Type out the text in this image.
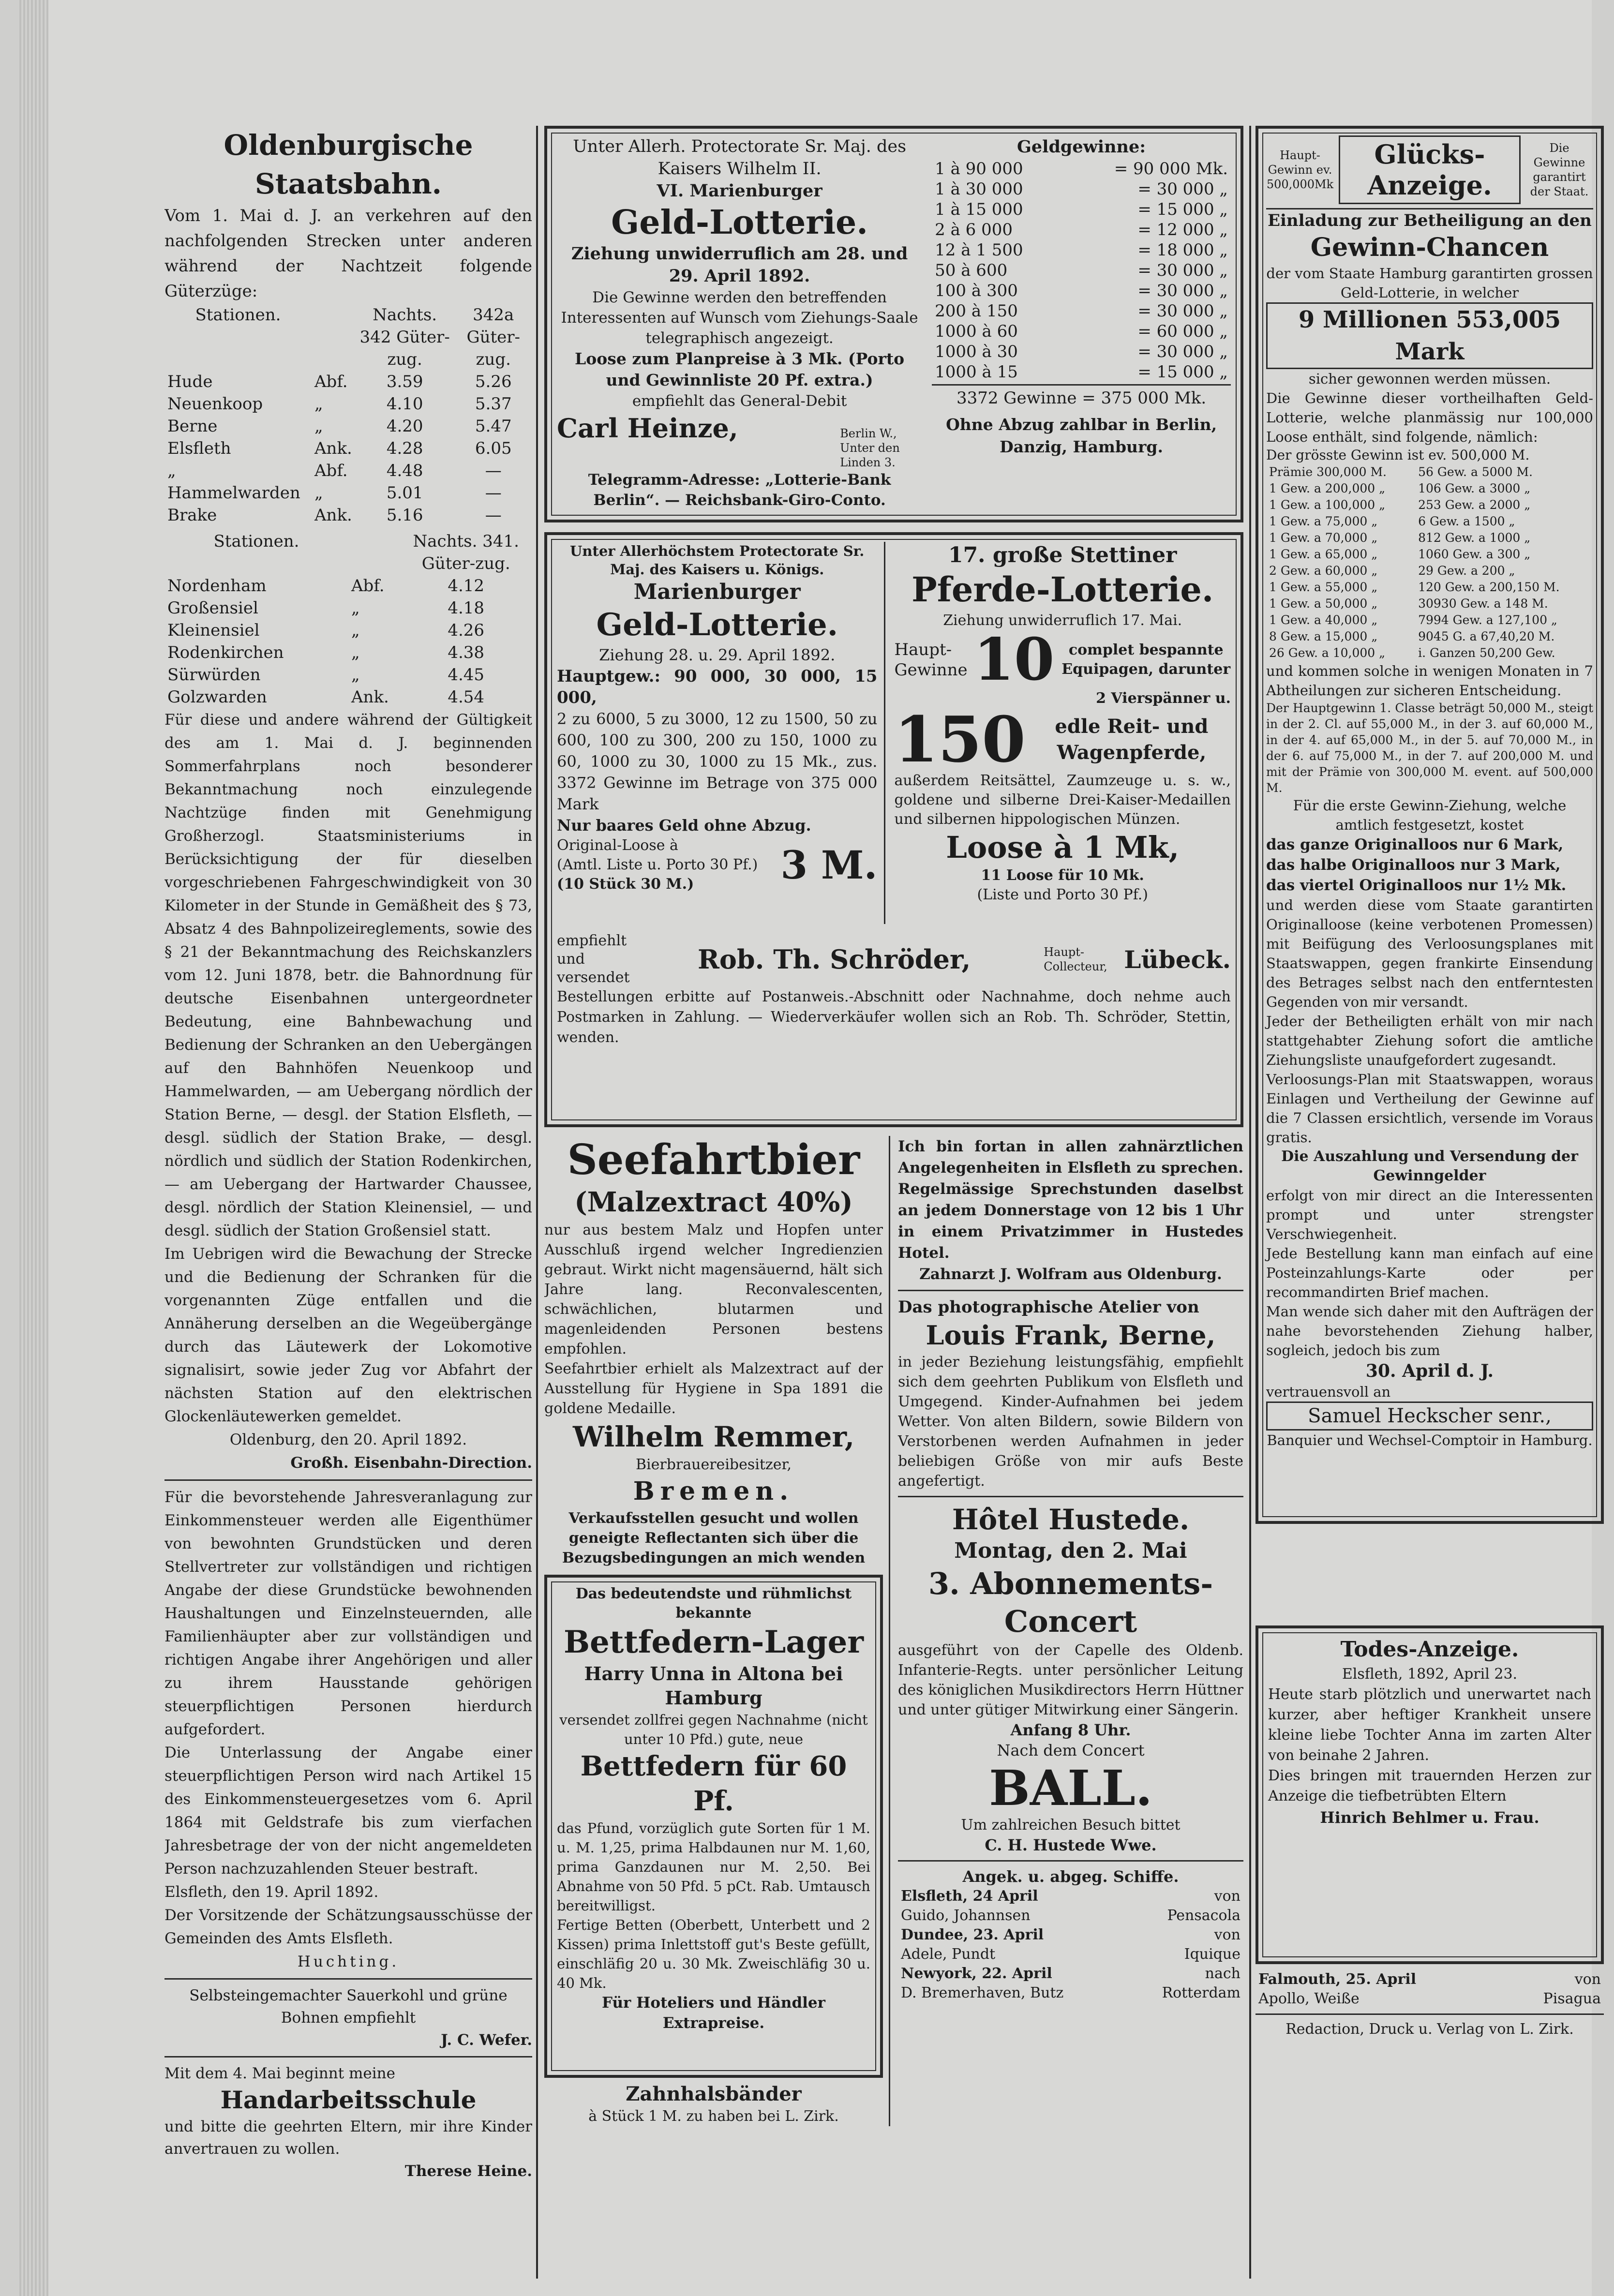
Oldenburgische Staatsbahn.

Vom 1. Mai d. J. an verkehren auf den nachfolgenden Strecken unter anderen während der Nachtzeit folgende Güterzüge:

Stationen.		Nachts. 342 Güter-zug.	342a Güter-zug.
Hude	Abf.	3.59	5.26
Neuenkoop	„	4.10	5.37
Berne	„	4.20	5.47
Elsfleth	Ank.	4.28	6.05
„	Abf.	4.48	—
Hammelwarden	„	5.01	—
Brake	Ank.	5.16	—
Stationen.		Nachts. 341. Güter-zug.
Nordenham	Abf.	4.12
Großensiel	„	4.18
Kleinensiel	„	4.26
Rodenkirchen	„	4.38
Sürwürden	„	4.45
Golzwarden	Ank.	4.54

Für diese und andere während der Gültigkeit des am 1. Mai d. J. beginnenden Sommerfahrplans noch besonderer Bekanntmachung noch einzulegende Nachtzüge finden mit Genehmigung Großherzogl. Staatsministeriums in Berücksichtigung der für dieselben vorgeschriebenen Fahrgeschwindigkeit von 30 Kilometer in der Stunde in Gemäßheit des § 73, Absatz 4 des Bahnpolizeireglements, sowie des § 21 der Bekanntmachung des Reichskanzlers vom 12. Juni 1878, betr. die Bahnordnung für deutsche Eisenbahnen untergeordneter Bedeutung, eine Bahnbewachung und Bedienung der Schranken an den Uebergängen auf den Bahnhöfen Neuenkoop und Hammelwarden, — am Uebergang nördlich der Station Berne, — desgl. der Station Elsfleth, — desgl. südlich der Station Brake, — desgl. nördlich und südlich der Station Rodenkirchen, — am Uebergang der Hartwarder Chaussee, desgl. nördlich der Station Kleinensiel, — und desgl. südlich der Station Großensiel statt.

Im Uebrigen wird die Bewachung der Strecke und die Bedienung der Schranken für die vorgenannten Züge entfallen und die Annäherung derselben an die Wegeübergänge durch das Läutewerk der Lokomotive signalisirt, sowie jeder Zug vor Abfahrt der nächsten Station auf den elektrischen Glockenläutewerken gemeldet.

Oldenburg, den 20. April 1892.

Großh. Eisenbahn-Direction.

Für die bevorstehende Jahresveranlagung zur Einkommensteuer werden alle Eigenthümer von bewohnten Grundstücken und deren Stellvertreter zur vollständigen und richtigen Angabe der diese Grundstücke bewohnenden Haushaltungen und Einzelnsteuernden, alle Familienhäupter aber zur vollständigen und richtigen Angabe ihrer Angehörigen und aller zu ihrem Hausstande gehörigen steuerpflichtigen Personen hierdurch aufgefordert.

Die Unterlassung der Angabe einer steuerpflichtigen Person wird nach Artikel 15 des Einkommensteuergesetzes vom 6. April 1864 mit Geldstrafe bis zum vierfachen Jahresbetrage der von der nicht angemeldeten Person nachzuzahlenden Steuer bestraft.

Elsfleth, den 19. April 1892.

Der Vorsitzende der Schätzungsausschüsse der Gemeinden des Amts Elsfleth.

Huchting.

Selbsteingemachter Sauerkohl und grüne Bohnen empfiehlt

J. C. Wefer.

Mit dem 4. Mai beginnt meine

Handarbeitsschule

und bitte die geehrten Eltern, mir ihre Kinder anvertrauen zu wollen.

Therese Heine.

Unter Allerh. Protectorate Sr. Maj. des Kaisers Wilhelm II.

VI. Marienburger

Geld-Lotterie.

Ziehung unwiderruflich am 28. und 29. April 1892.

Die Gewinne werden den betreffenden Interessenten auf Wunsch vom Ziehungs-Saale telegraphisch angezeigt.

Loose zum Planpreise à 3 Mk. (Porto und Gewinnliste 20 Pf. extra.)

empfiehlt das General-Debit

Carl Heinze,	Berlin W., Unter den Linden 3.

Telegramm-Adresse: „Lotterie-Bank Berlin“. — Reichsbank-Giro-Conto.

Geldgewinne:

1 à 90 000	= 90 000 Mk.
1 à 30 000	= 30 000 „
1 à 15 000	= 15 000 „
2 à 6 000	= 12 000 „
12 à 1 500	= 18 000 „
50 à 600	= 30 000 „
100 à 300	= 30 000 „
200 à 150	= 30 000 „
1000 à 60	= 60 000 „
1000 à 30	= 30 000 „
1000 à 15	= 15 000 „

3372 Gewinne = 375 000 Mk.

Ohne Abzug zahlbar in Berlin, Danzig, Hamburg.

Unter Allerhöchstem Protectorate Sr. Maj. des Kaisers u. Königs.

Marienburger
Geld-Lotterie.

Ziehung 28. u. 29. April 1892.

Hauptgew.: 90 000, 30 000, 15 000,

2 zu 6000, 5 zu 3000, 12 zu 1500, 50 zu 600, 100 zu 300, 200 zu 150, 1000 zu 60, 1000 zu 30, 1000 zu 15 Mk., zus. 3372 Gewinne im Betrage von 375 000 Mark

Nur baares Geld ohne Abzug.

Original-Loose à

(Amtl. Liste u. Porto 30 Pf.)

(10 Stück 30 M.)	3 M.
17. große Stettiner
Pferde-Lotterie.

Ziehung unwiderruflich 17. Mai.

Haupt-Gewinne 10 complet bespannte Equipagen, darunter

2 Vierspänner u.

150	edle Reit- und Wagenpferde,

außerdem Reitsättel, Zaumzeuge u. s. w., goldene und silberne Drei-Kaiser-Medaillen und silbernen hippologischen Münzen.

Loose à 1 Mk,

11 Loose für 10 Mk.

(Liste und Porto 30 Pf.)

empfiehlt und versendet
Rob. Th. Schröder,	Haupt-Collecteur, Lübeck.

Bestellungen erbitte auf Postanweis.-Abschnitt oder Nachnahme, doch nehme auch Postmarken in Zahlung. — Wiederverkäufer wollen sich an Rob. Th. Schröder, Stettin, wenden.

Seefahrtbier
(Malzextract 40%)

nur aus bestem Malz und Hopfen unter Ausschluß irgend welcher Ingredienzien gebraut. Wirkt nicht magensäuernd, hält sich Jahre lang. Reconvalescenten, schwächlichen, blutarmen und magenleidenden Personen bestens empfohlen.

Seefahrtbier erhielt als Malzextract auf der Ausstellung für Hygiene in Spa 1891 die goldene Medaille.

Wilhelm Remmer,

Bierbrauereibesitzer,

Bremen.

Verkaufsstellen gesucht und wollen geneigte Reflectanten sich über die Bezugsbedingungen an mich wenden

Das bedeutendste und rühmlichst bekannte

Bettfedern-Lager

Harry Unna in Altona bei Hamburg

versendet zollfrei gegen Nachnahme (nicht unter 10 Pfd.) gute, neue

Bettfedern für 60 Pf.

das Pfund, vorzüglich gute Sorten für 1 M. u. M. 1,25, prima Halbdaunen nur M. 1,60, prima Ganzdaunen nur M. 2,50. Bei Abnahme von 50 Pfd. 5 pCt. Rab. Umtausch bereitwilligst.

Fertige Betten (Oberbett, Unterbett und 2 Kissen) prima Inlettstoff gut's Beste gefüllt, einschläfig 20 u. 30 Mk. Zweischläfig 30 u. 40 Mk.

Für Hoteliers und Händler Extrapreise.

Zahnhalsbänder

à Stück 1 M. zu haben bei L. Zirk.

Ich bin fortan in allen zahnärztlichen Angelegenheiten in Elsfleth zu sprechen. Regelmässige Sprechstunden daselbst an jedem Donnerstage von 12 bis 1 Uhr in einem Privatzimmer in Hustedes Hotel.

Zahnarzt J. Wolfram aus Oldenburg.

Das photographische Atelier von

Louis Frank, Berne,

in jeder Beziehung leistungsfähig, empfiehlt sich dem geehrten Publikum von Elsfleth und Umgegend. Kinder-Aufnahmen bei jedem Wetter. Von alten Bildern, sowie Bildern von Verstorbenen werden Aufnahmen in jeder beliebigen Größe von mir aufs Beste angefertigt.

Hôtel Hustede.
Montag, den 2. Mai
3. Abonnements-
Concert

ausgeführt von der Capelle des Oldenb. Infanterie-Regts. unter persönlicher Leitung des königlichen Musikdirectors Herrn Hüttner und unter gütiger Mitwirkung einer Sängerin.

Anfang 8 Uhr.

Nach dem Concert

BALL.

Um zahlreichen Besuch bittet

C. H. Hustede Wwe.

Angek. u. abgeg. Schiffe.

Elsfleth, 24 April	von
Guido, Johannsen	Pensacola
Dundee, 23. April	von
Adele, Pundt	Iquique
Newyork, 22. April	nach
D. Bremerhaven, Butz	Rotterdam
Haupt-Gewinn ev. 500,000Mk
Glücks-Anzeige.
Die Gewinne garantirt der Staat.

Einladung zur Betheiligung an den

Gewinn-Chancen

der vom Staate Hamburg garantirten grossen Geld-Lotterie, in welcher

9 Millionen 553,005 Mark

sicher gewonnen werden müssen.

Die Gewinne dieser vortheilhaften Geld-Lotterie, welche planmässig nur 100,000 Loose enthält, sind folgende, nämlich:

Der grösste Gewinn ist ev. 500,000 M.

Prämie 300,000 M.	56 Gew. a 5000 M.
1 Gew. a 200,000 „	106 Gew. a 3000 „
1 Gew. a 100,000 „	253 Gew. a 2000 „
1 Gew. a 75,000 „	6 Gew. a 1500 „
1 Gew. a 70,000 „	812 Gew. a 1000 „
1 Gew. a 65,000 „	1060 Gew. a 300 „
2 Gew. a 60,000 „	29 Gew. a 200 „
1 Gew. a 55,000 „	120 Gew. a 200,150 M.
1 Gew. a 50,000 „	30930 Gew. a 148 M.
1 Gew. a 40,000 „	7994 Gew. a 127,100 „
8 Gew. a 15,000 „	9045 G. a 67,40,20 M.
26 Gew. a 10,000 „	i. Ganzen 50,200 Gew.

und kommen solche in wenigen Monaten in 7 Abtheilungen zur sicheren Entscheidung.

Der Hauptgewinn 1. Classe beträgt 50,000 M., steigt in der 2. Cl. auf 55,000 M., in der 3. auf 60,000 M., in der 4. auf 65,000 M., in der 5. auf 70,000 M., in der 6. auf 75,000 M., in der 7. auf 200,000 M. und mit der Prämie von 300,000 M. event. auf 500,000 M.

Für die erste Gewinn-Ziehung, welche amtlich festgesetzt, kostet

das ganze Originalloos nur 6 Mark,

das halbe Originalloos nur 3 Mark,

das viertel Originalloos nur 1½ Mk.

und werden diese vom Staate garantirten Originalloose (keine verbotenen Promessen) mit Beifügung des Verloosungsplanes mit Staatswappen, gegen frankirte Einsendung des Betrages selbst nach den entferntesten Gegenden von mir versandt.

Jeder der Betheiligten erhält von mir nach stattgehabter Ziehung sofort die amtliche Ziehungsliste unaufgefordert zugesandt.

Verloosungs-Plan mit Staatswappen, woraus Einlagen und Vertheilung der Gewinne auf die 7 Classen ersichtlich, versende im Voraus gratis.

Die Auszahlung und Versendung der Gewinngelder

erfolgt von mir direct an die Interessenten prompt und unter strengster Verschwiegenheit.

Jede Bestellung kann man einfach auf eine Posteinzahlungs-Karte oder per recommandirten Brief machen.

Man wende sich daher mit den Aufträgen der nahe bevorstehenden Ziehung halber, sogleich, jedoch bis zum

30. April d. J.

vertrauensvoll an

Samuel Heckscher senr.,

Banquier und Wechsel-Comptoir in Hamburg.

Todes-Anzeige.

Elsfleth, 1892, April 23.

Heute starb plötzlich und unerwartet nach kurzer, aber heftiger Krankheit unsere kleine liebe Tochter Anna im zarten Alter von beinahe 2 Jahren.

Dies bringen mit trauernden Herzen zur Anzeige die tiefbetrübten Eltern

Hinrich Behlmer u. Frau.

Falmouth, 25. April	von
Apollo, Weiße	Pisagua

Redaction, Druck u. Verlag von L. Zirk.
